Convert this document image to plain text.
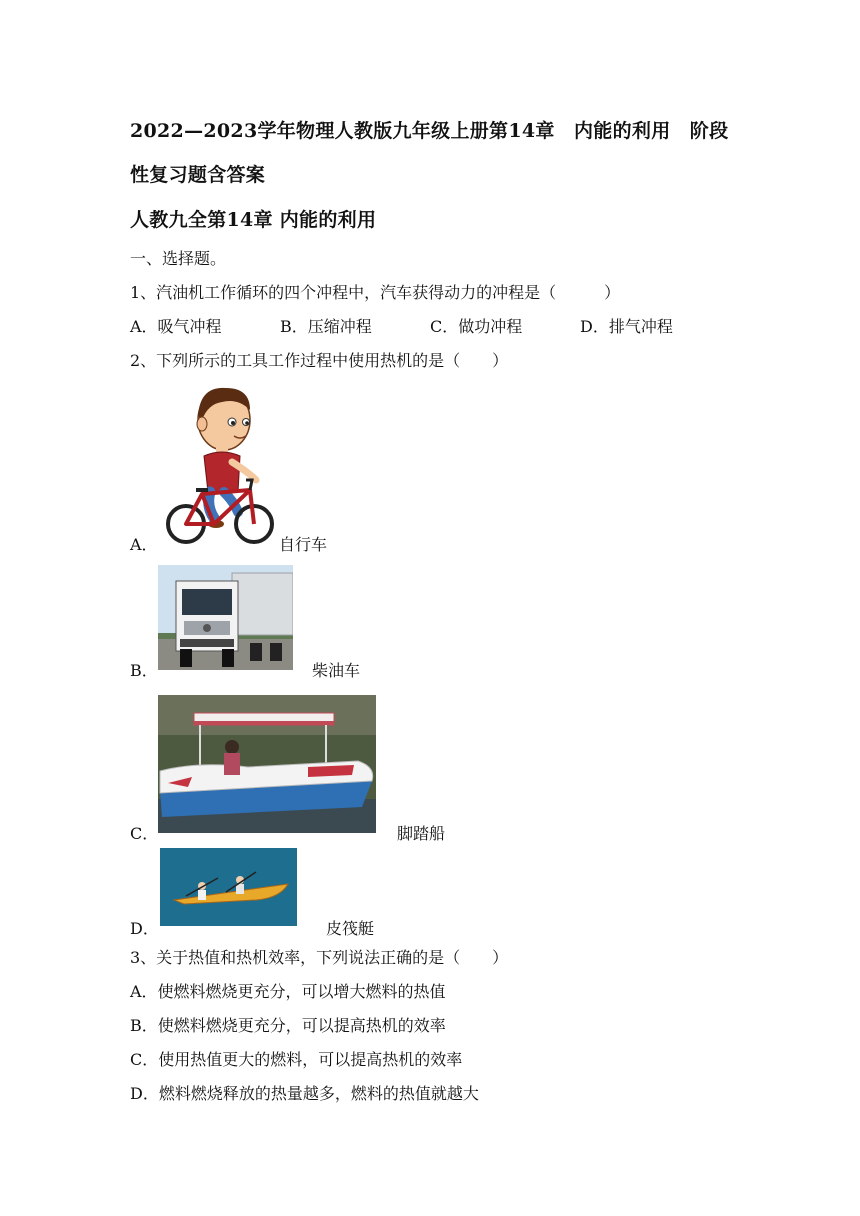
2022—2023学年物理人教版九年级上册第14章　内能的利用　阶段
性复习题含答案
人教九全第14章 内能的利用
一、选择题。
1、汽油机工作循环的四个冲程中，汽车获得动力的冲程是（　　　）
A．吸气冲程	B．压缩冲程	C．做功冲程	D．排气冲程
2、下列所示的工具工作过程中使用热机的是（　　）
A．	自行车
B．	柴油车
C．	脚踏船
D．	皮筏艇
3、关于热值和热机效率，下列说法正确的是（　　）
A．使燃料燃烧更充分，可以增大燃料的热值
B．使燃料燃烧更充分，可以提高热机的效率
C．使用热值更大的燃料，可以提高热机的效率
D．燃料燃烧释放的热量越多，燃料的热值就越大
